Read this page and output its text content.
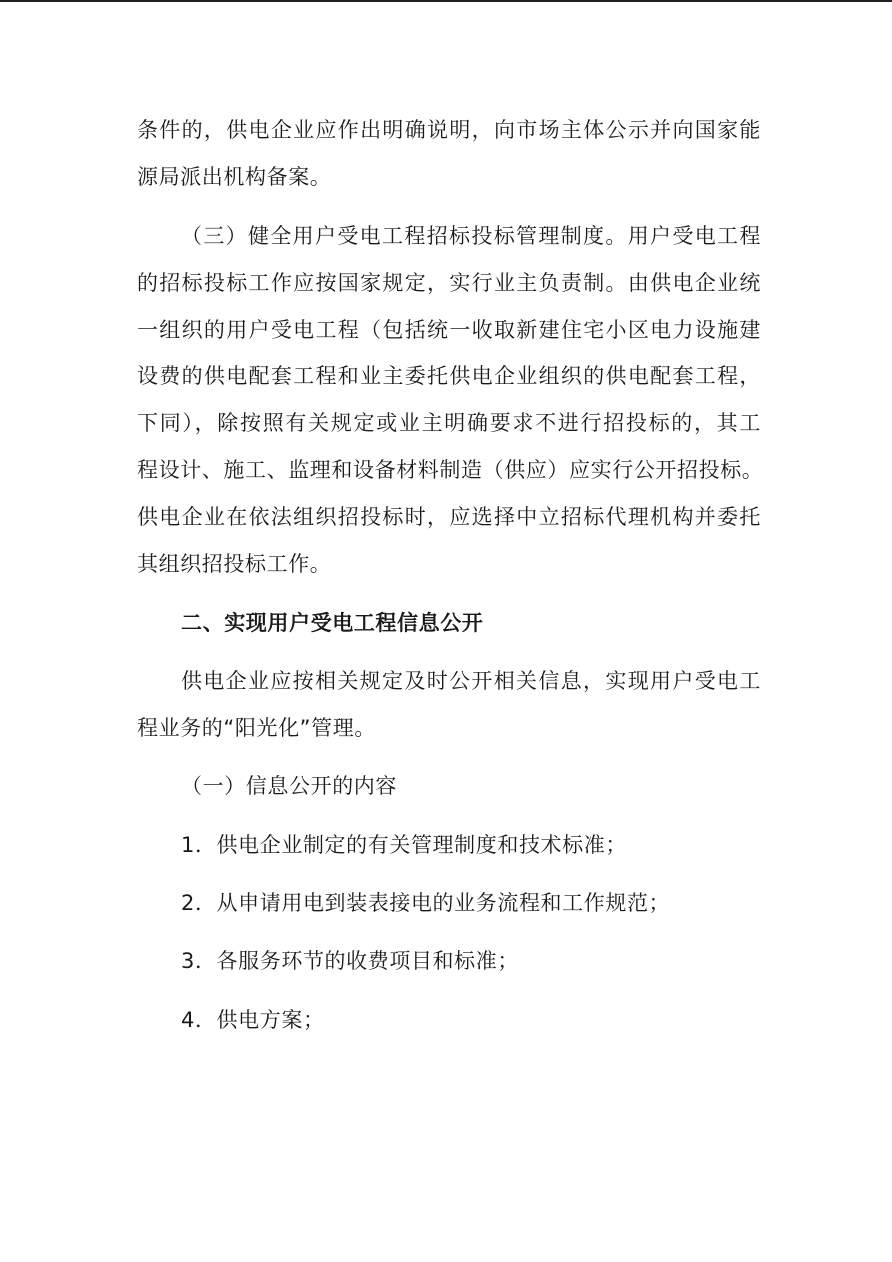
条件的，供电企业应作出明确说明，向市场主体公示并向国家能
源局派出机构备案。
（三）健全用户受电工程招标投标管理制度。用户受电工程
的招标投标工作应按国家规定，实行业主负责制。由供电企业统
一组织的用户受电工程（包括统一收取新建住宅小区电力设施建
设费的供电配套工程和业主委托供电企业组织的供电配套工程，
下同），除按照有关规定或业主明确要求不进行招投标的，其工
程设计、施工、监理和设备材料制造（供应）应实行公开招投标。
供电企业在依法组织招投标时，应选择中立招标代理机构并委托
其组织招投标工作。
二、实现用户受电工程信息公开
供电企业应按相关规定及时公开相关信息，实现用户受电工
程业务的“阳光化”管理。
（一）信息公开的内容
1．供电企业制定的有关管理制度和技术标准；
2．从申请用电到装表接电的业务流程和工作规范；
3．各服务环节的收费项目和标准；
4．供电方案；
